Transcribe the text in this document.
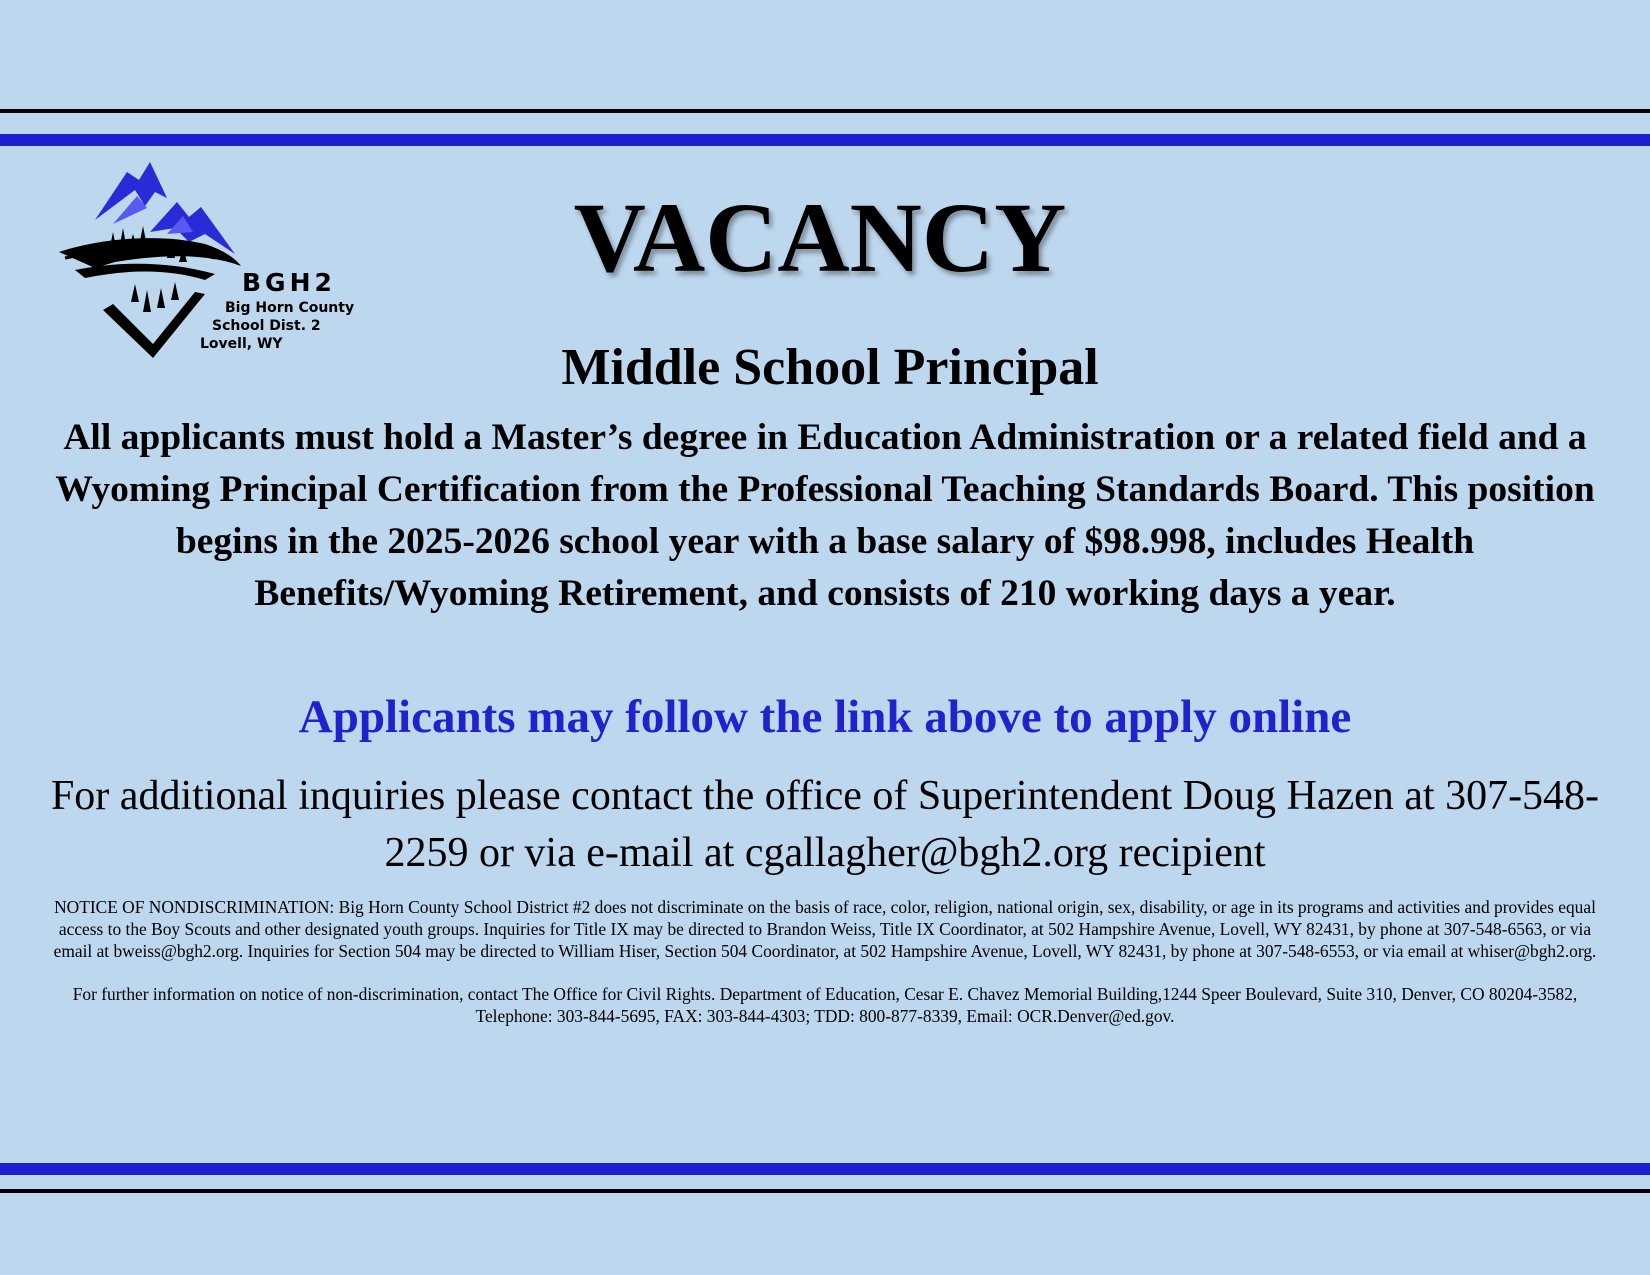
BGH2
Big Horn County
School Dist. 2
Lovell, WY
VACANCY
Middle School Principal
All applicants must hold a Master’s degree in Education Administration or a related field and a Wyoming Principal Certification from the Professional Teaching Standards Board. This position begins in the 2025-2026 school year with a base salary of $98.998, includes Health Benefits/Wyoming Retirement, and consists of 210 working days a year.
Applicants may follow the link above to apply online
For additional inquiries please contact the office of Superintendent Doug Hazen at 307-548-2259 or via e-mail at cgallagher@bgh2.org recipient

NOTICE OF NONDISCRIMINATION: Big Horn County School District #2 does not discriminate on the basis of race, color, religion, national origin, sex, disability, or age in its programs and activities and provides equal access to the Boy Scouts and other designated youth groups. Inquiries for Title IX may be directed to Brandon Weiss, Title IX Coordinator, at 502 Hampshire Avenue, Lovell, WY 82431, by phone at 307-548-6563, or via email at bweiss@bgh2.org. Inquiries for Section 504 may be directed to William Hiser, Section 504 Coordinator, at 502 Hampshire Avenue, Lovell, WY 82431, by phone at 307-548-6553, or via email at whiser@bgh2.org.

For further information on notice of non-discrimination, contact The Office for Civil Rights. Department of Education, Cesar E. Chavez Memorial Building,1244 Speer Boulevard, Suite 310, Denver, CO 80204-3582, Telephone: 303-844-5695, FAX: 303-844-4303; TDD: 800-877-8339, Email: OCR.Denver@ed.gov.
